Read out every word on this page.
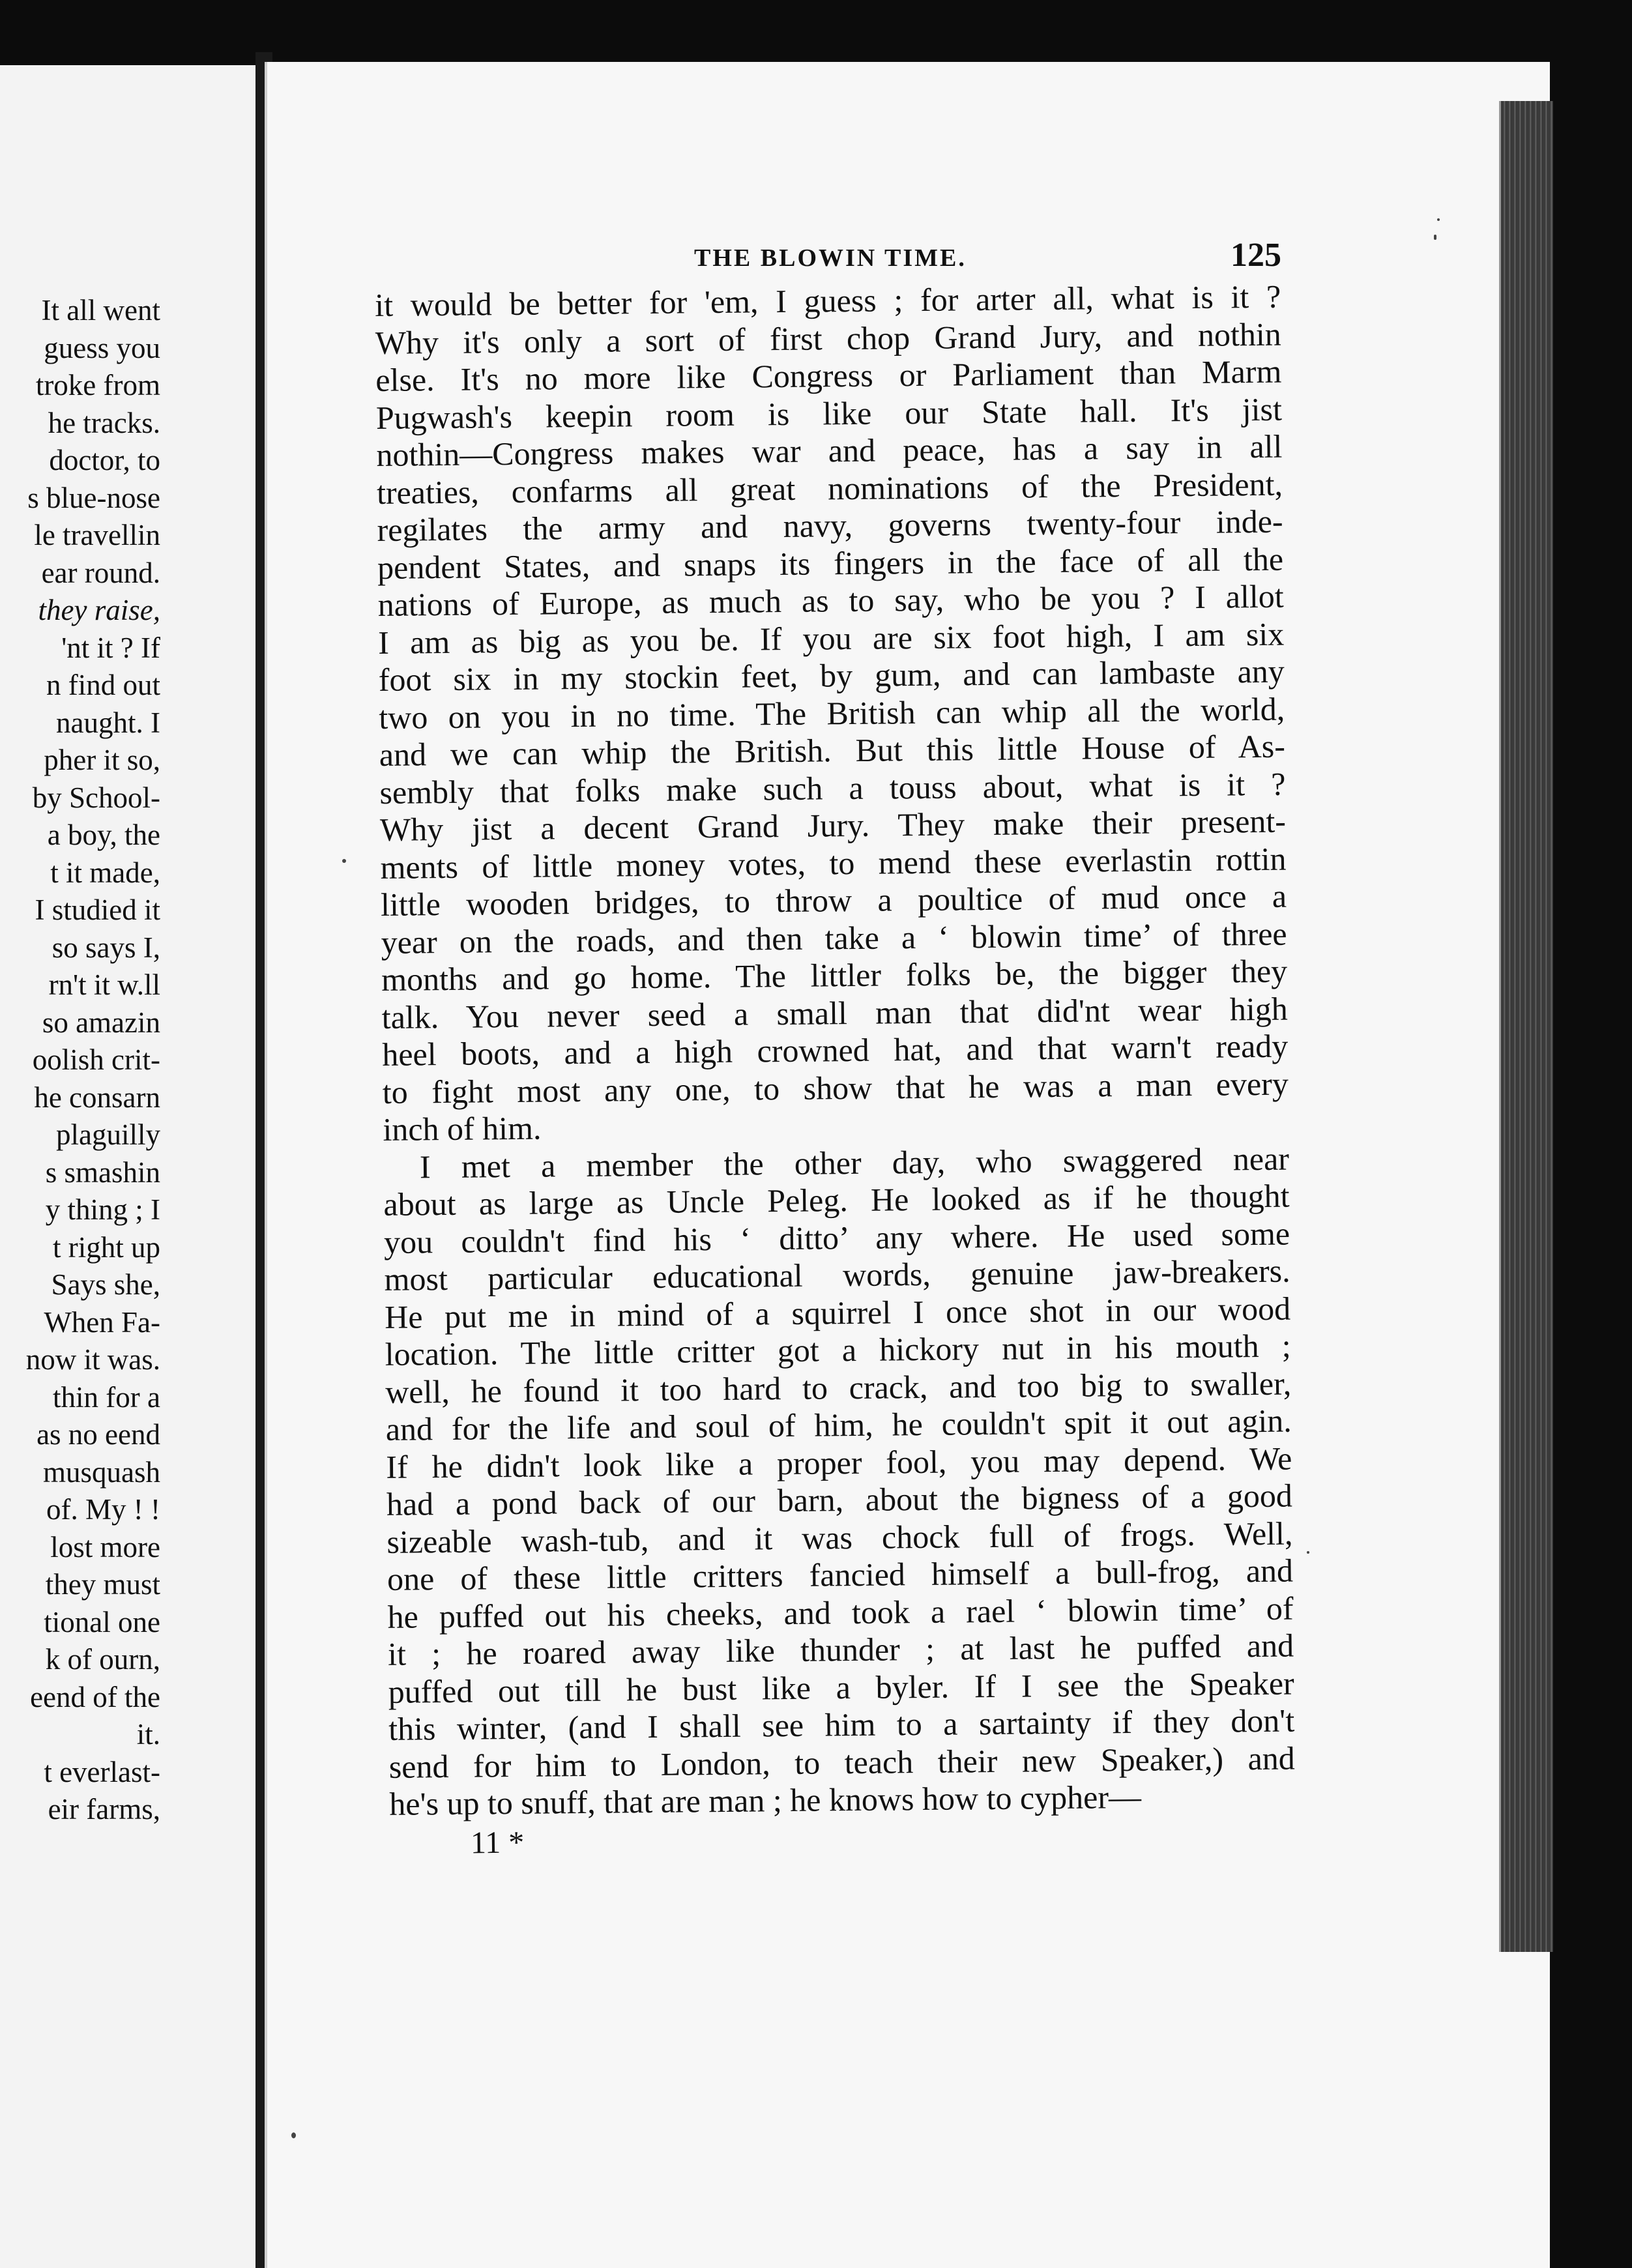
It all went
guess you
troke from
he tracks.
doctor, to
s blue-nose
le travellin
ear round.
they raise,
'nt it ? If
n find out
naught. I
pher it so,
by School-
a boy, the
t it made,
I studied it
so says I,
rn't it w.ll
so amazin
oolish crit-
he consarn
plaguilly
s smashin
y thing ; I
t right up
Says she,
When Fa-
now it was.
thin for a
as no eend
musquash
of. My ! !
lost more
they must
tional one
k of ourn,
eend of the
it.
t everlast-
eir farms,
THE BLOWIN TIME.	125
it would be better for 'em, I guess ; for arter all, what is it ?
Why it's only a sort of first chop Grand Jury, and nothin
else. It's no more like Congress or Parliament than Marm
Pugwash's keepin room is like our State hall. It's jist
nothin—Congress makes war and peace, has a say in all
treaties, confarms all great nominations of the President,
regilates the army and navy, governs twenty-four inde-
pendent States, and snaps its fingers in the face of all the
nations of Europe, as much as to say, who be you ? I allot
I am as big as you be. If you are six foot high, I am six
foot six in my stockin feet, by gum, and can lambaste any
two on you in no time. The British can whip all the world,
and we can whip the British. But this little House of As-
sembly that folks make such a touss about, what is it ?
Why jist a decent Grand Jury. They make their present-
ments of little money votes, to mend these everlastin rottin
little wooden bridges, to throw a poultice of mud once a
year on the roads, and then take a ‘ blowin time’ of three
months and go home. The littler folks be, the bigger they
talk. You never seed a small man that did'nt wear high
heel boots, and a high crowned hat, and that warn't ready
to fight most any one, to show that he was a man every
inch of him.
I met a member the other day, who swaggered near
about as large as Uncle Peleg. He looked as if he thought
you couldn't find his ‘ ditto’ any where. He used some
most particular educational words, genuine jaw-breakers.
He put me in mind of a squirrel I once shot in our wood
location. The little critter got a hickory nut in his mouth ;
well, he found it too hard to crack, and too big to swaller,
and for the life and soul of him, he couldn't spit it out agin.
If he didn't look like a proper fool, you may depend. We
had a pond back of our barn, about the bigness of a good
sizeable wash-tub, and it was chock full of frogs. Well,
one of these little critters fancied himself a bull-frog, and
he puffed out his cheeks, and took a rael ‘ blowin time’ of
it ; he roared away like thunder ; at last he puffed and
puffed out till he bust like a byler. If I see the Speaker
this winter, (and I shall see him to a sartainty if they don't
send for him to London, to teach their new Speaker,) and
he's up to snuff, that are man ; he knows how to cypher—
11 *
